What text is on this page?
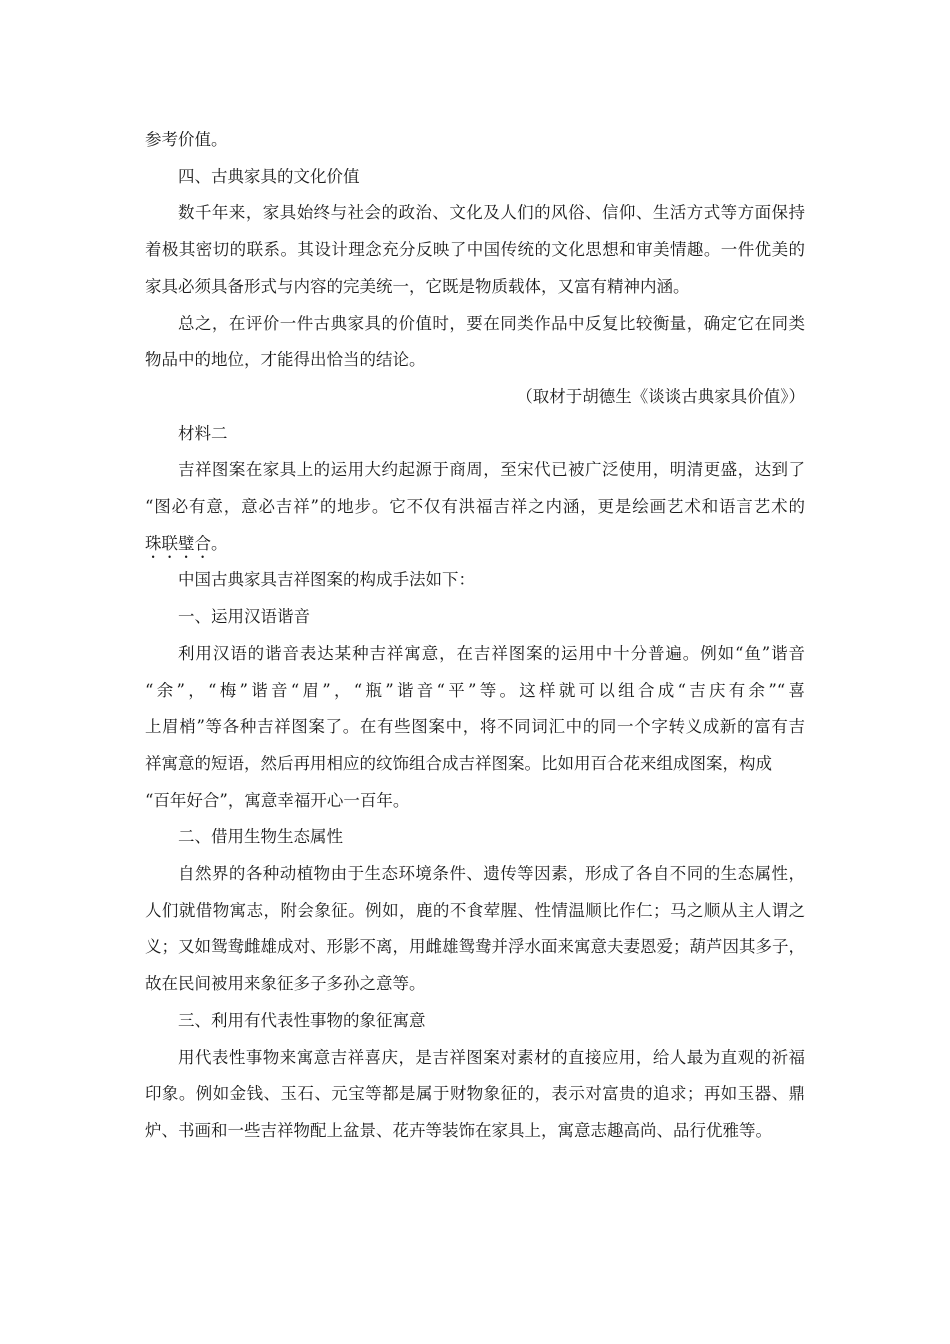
参考价值。
四、古典家具的文化价值
数千年来，家具始终与社会的政治、文化及人们的风俗、信仰、生活方式等方面保持
着极其密切的联系。其设计理念充分反映了中国传统的文化思想和审美情趣。一件优美的
家具必须具备形式与内容的完美统一，它既是物质载体，又富有精神内涵。
总之，在评价一件古典家具的价值时，要在同类作品中反复比较衡量，确定它在同类
物品中的地位，才能得出恰当的结论。
（取材于胡德生《谈谈古典家具价值》）
材料二
吉祥图案在家具上的运用大约起源于商周，至宋代已被广泛使用，明清更盛，达到了
“图必有意，意必吉祥”的地步。它不仅有洪福吉祥之内涵，更是绘画艺术和语言艺术的
珠联璧合。
中国古典家具吉祥图案的构成手法如下：
一、运用汉语谐音
利用汉语的谐音表达某种吉祥寓意，在吉祥图案的运用中十分普遍。例如“鱼”谐音
“余”，“梅”谐音“眉”，“瓶”谐音“平”等。这样就可以组合成“吉庆有余”“喜
上眉梢”等各种吉祥图案了。在有些图案中，将不同词汇中的同一个字转义成新的富有吉
祥寓意的短语，然后再用相应的纹饰组合成吉祥图案。比如用百合花来组成图案，构成
“百年好合”，寓意幸福开心一百年。
二、借用生物生态属性
自然界的各种动植物由于生态环境条件、遗传等因素，形成了各自不同的生态属性，
人们就借物寓志，附会象征。例如，鹿的不食荤腥、性情温顺比作仁；马之顺从主人谓之
义；又如鸳鸯雌雄成对、形影不离，用雌雄鸳鸯并浮水面来寓意夫妻恩爱；葫芦因其多子，
故在民间被用来象征多子多孙之意等。
三、利用有代表性事物的象征寓意
用代表性事物来寓意吉祥喜庆，是吉祥图案对素材的直接应用，给人最为直观的祈福
印象。例如金钱、玉石、元宝等都是属于财物象征的，表示对富贵的追求；再如玉器、鼎
炉、书画和一些吉祥物配上盆景、花卉等装饰在家具上，寓意志趣高尚、品行优雅等。
